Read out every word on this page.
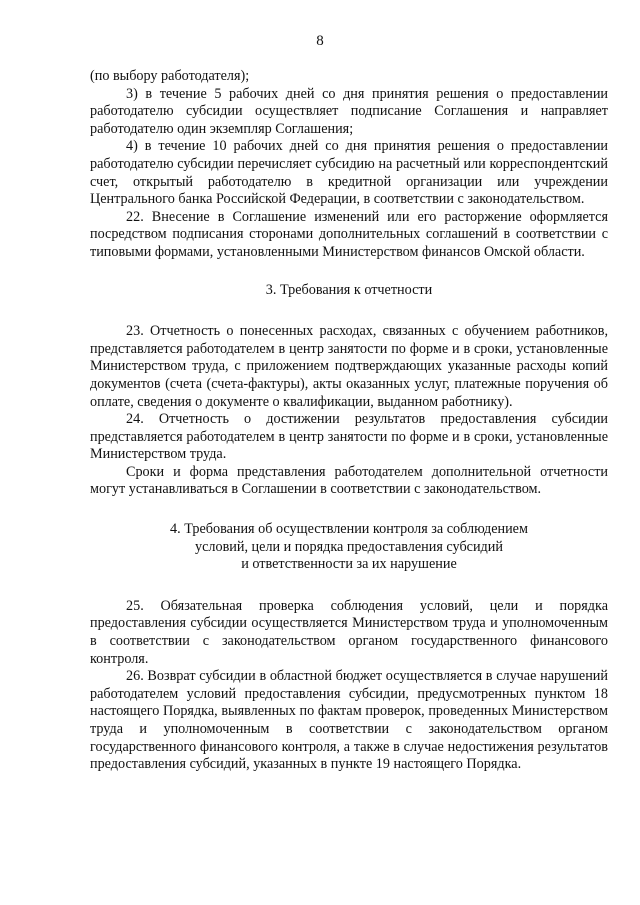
8

(по выбору работодателя);

3) в течение 5 рабочих дней со дня принятия решения о предоставлении работодателю субсидии осуществляет подписание Соглашения и направляет работодателю один экземпляр Соглашения;

4) в течение 10 рабочих дней со дня принятия решения о предоставлении работодателю субсидии перечисляет субсидию на расчетный или корреспондентский счет, открытый работодателю в кредитной организации или учреждении Центрального банка Российской Федерации, в соответствии с законодательством.

22. Внесение в Соглашение изменений или его расторжение оформляется посредством подписания сторонами дополнительных соглашений в соответствии с типовыми формами, установленными Министерством финансов Омской области.

3. Требования к отчетности

23. Отчетность о понесенных расходах, связанных с обучением работников, представляется работодателем в центр занятости по форме и в сроки, установленные Министерством труда, с приложением подтверждающих указанные расходы копий документов (счета (счета-фактуры), акты оказанных услуг, платежные поручения об оплате, сведения о документе о квалификации, выданном работнику).

24. Отчетность о достижении результатов предоставления субсидии представляется работодателем в центр занятости по форме и в сроки, установленные Министерством труда.

Сроки и форма представления работодателем дополнительной отчетности могут устанавливаться в Соглашении в соответствии с законодательством.

4. Требования об осуществлении контроля за соблюдением
условий, цели и порядка предоставления субсидий
и ответственности за их нарушение

25. Обязательная проверка соблюдения условий, цели и порядка предоставления субсидии осуществляется Министерством труда и уполномоченным в соответствии с законодательством органом государственного финансового контроля.

26. Возврат субсидии в областной бюджет осуществляется в случае нарушений работодателем условий предоставления субсидии, предусмотренных пунктом 18 настоящего Порядка, выявленных по фактам проверок, проведенных Министерством труда и уполномоченным в соответствии с законодательством органом государственного финансового контроля, а также в случае недостижения результатов предоставления субсидий, указанных в пункте 19 настоящего Порядка.
